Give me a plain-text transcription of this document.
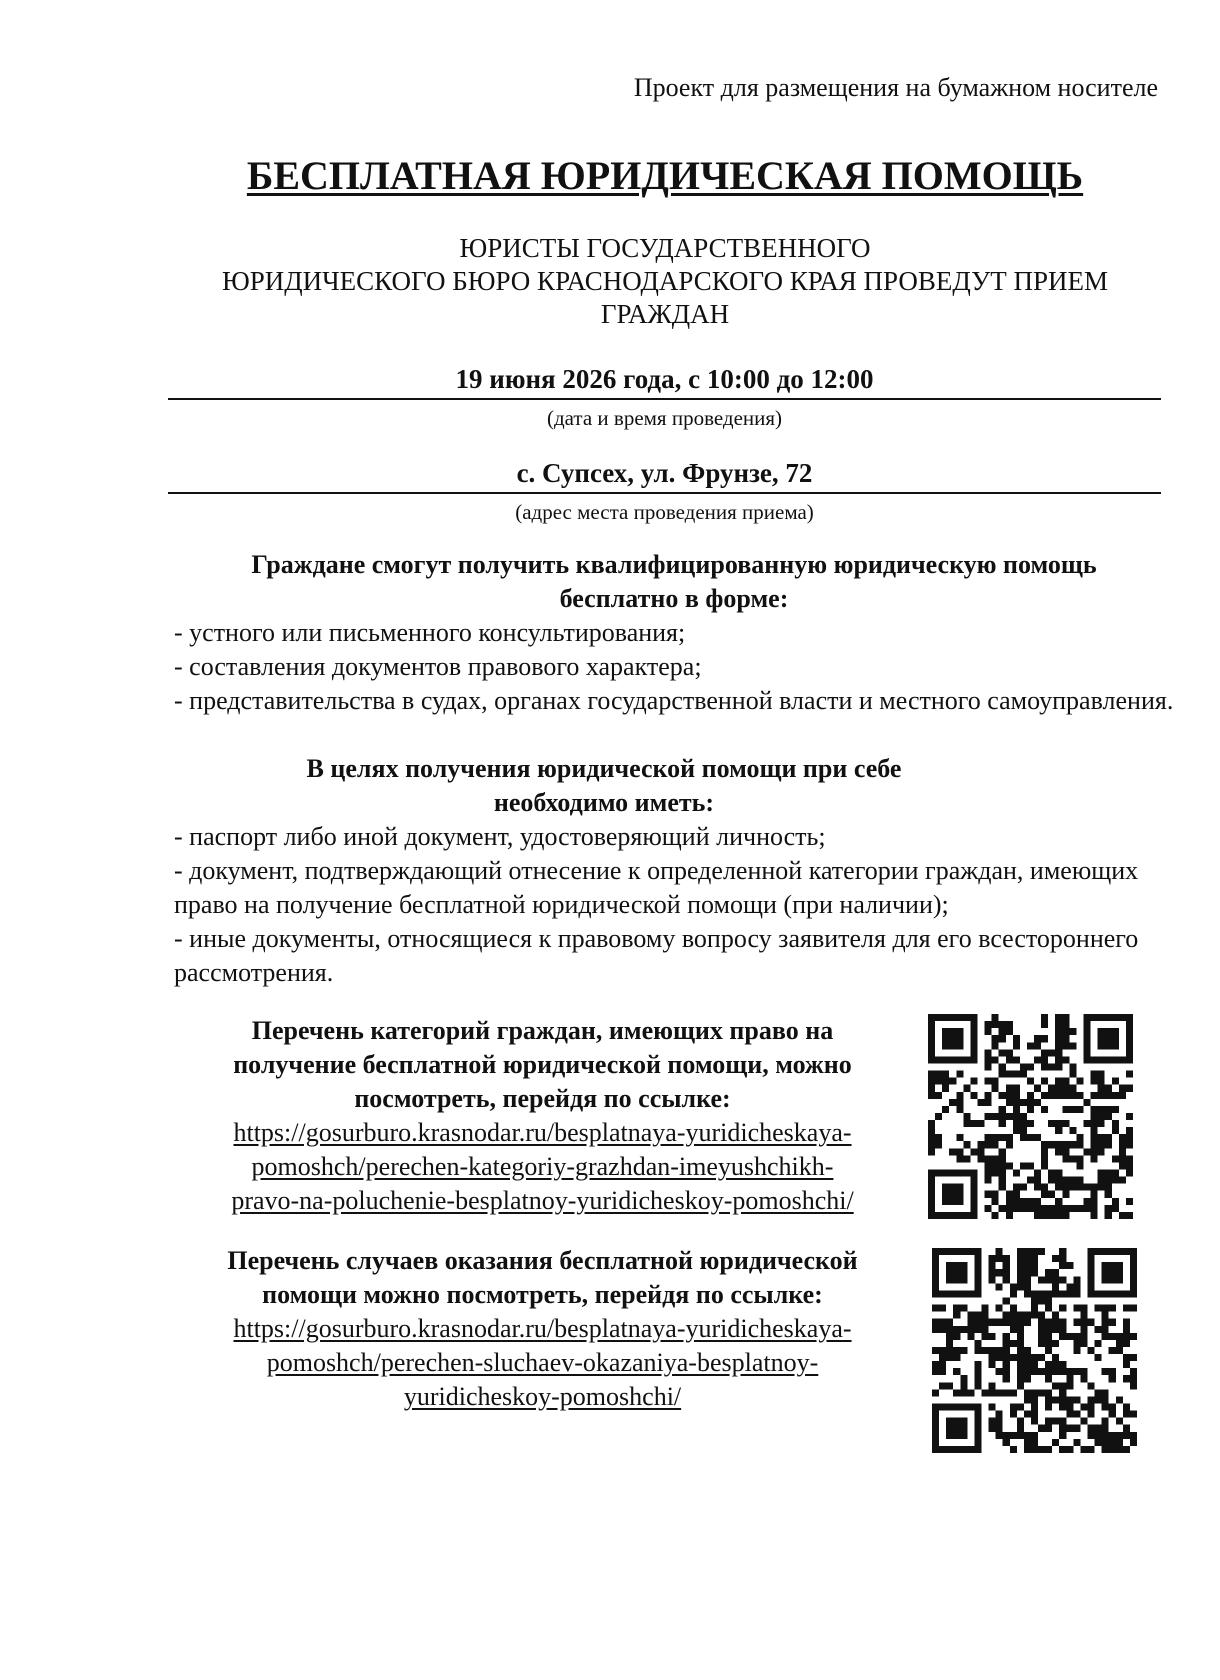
Проект для размещения на бумажном носителе
БЕСПЛАТНАЯ ЮРИДИЧЕСКАЯ ПОМОЩЬ
ЮРИСТЫ ГОСУДАРСТВЕННОГО
ЮРИДИЧЕСКОГО БЮРО КРАСНОДАРСКОГО КРАЯ ПРОВЕДУТ ПРИЕМ
ГРАЖДАН
19 июня 2026 года, с 10:00 до 12:00
(дата и время проведения)
с. Супсех, ул. Фрунзе, 72
(адрес места проведения приема)
Граждане смогут получить квалифицированную юридическую помощь
бесплатно в форме:
- устного или письменного консультирования;
- составления документов правового характера;
- представительства в судах, органах государственной власти и местного самоуправления.
В целях получения юридической помощи при себе
необходимо иметь:
- паспорт либо иной документ, удостоверяющий личность;
- документ, подтверждающий отнесение к определенной категории граждан, имеющих право на получение бесплатной юридической помощи (при наличии);
- иные документы, относящиеся к правовому вопросу заявителя для его всестороннего рассмотрения.
Перечень категорий граждан, имеющих право на
получение бесплатной юридической помощи, можно
посмотреть, перейдя по ссылке:
https://gosurburo.krasnodar.ru/besplatnaya-yuridicheskaya-
pomoshch/perechen-kategoriy-grazhdan-imeyushchikh-
pravo-na-poluchenie-besplatnoy-yuridicheskoy-pomoshchi/
Перечень случаев оказания бесплатной юридической
помощи можно посмотреть, перейдя по ссылке:
https://gosurburo.krasnodar.ru/besplatnaya-yuridicheskaya-
pomoshch/perechen-sluchaev-okazaniya-besplatnoy-
yuridicheskoy-pomoshchi/
